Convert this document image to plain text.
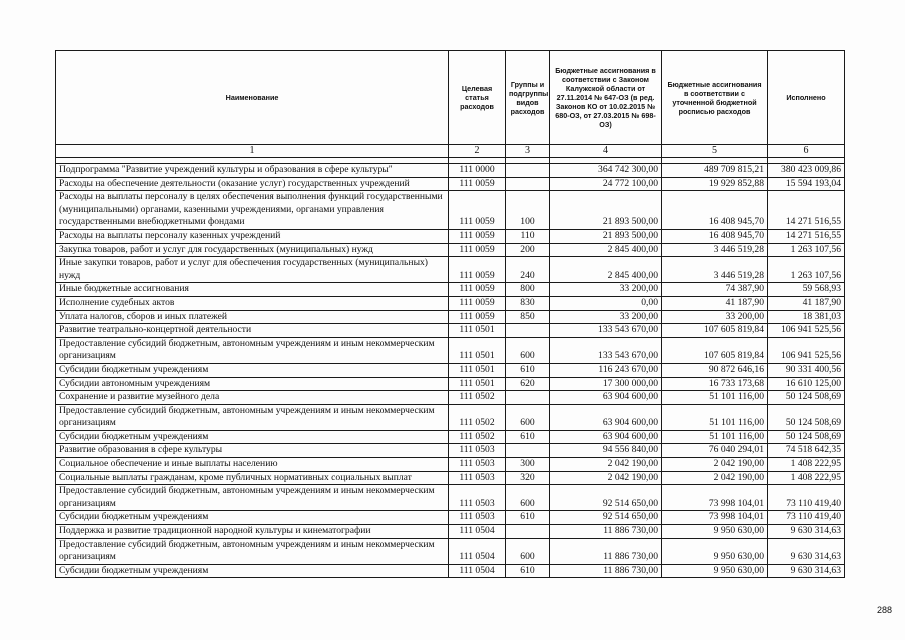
Наименование	Целевая статья расходов	Группы и подгруппы видов расходов	Бюджетные ассигнования в соответствии с Законом Калужской области от 27.11.2014 № 647-ОЗ (в ред. Законов КО от 10.02.2015 № 680-ОЗ, от 27.03.2015 № 698-ОЗ)	Бюджетные ассигнования в соответствии с уточненной бюджетной росписью расходов	Исполнено
1	2	3	4	5	6

Подпрограмма "Развитие учреждений культуры и образования в сфере культуры"	111 0000		364 742 300,00	489 709 815,21	380 423 009,86
Расходы на обеспечение деятельности (оказание услуг) государственных учреждений	111 0059		24 772 100,00	19 929 852,88	15 594 193,04
Расходы на выплаты персоналу в целях обеспечения выполнения функций государственными (муниципальными) органами, казенными учреждениями, органами управления государственными внебюджетными фондами	111 0059	100	21 893 500,00	16 408 945,70	14 271 516,55
Расходы на выплаты персоналу казенных учреждений	111 0059	110	21 893 500,00	16 408 945,70	14 271 516,55
Закупка товаров, работ и услуг для государственных (муниципальных) нужд	111 0059	200	2 845 400,00	3 446 519,28	1 263 107,56
Иные закупки товаров, работ и услуг для обеспечения государственных (муниципальных) нужд	111 0059	240	2 845 400,00	3 446 519,28	1 263 107,56
Иные бюджетные ассигнования	111 0059	800	33 200,00	74 387,90	59 568,93
Исполнение судебных актов	111 0059	830	0,00	41 187,90	41 187,90
Уплата налогов, сборов и иных платежей	111 0059	850	33 200,00	33 200,00	18 381,03
Развитие театрально-концертной деятельности	111 0501		133 543 670,00	107 605 819,84	106 941 525,56
Предоставление субсидий бюджетным, автономным учреждениям и иным некоммерческим организациям	111 0501	600	133 543 670,00	107 605 819,84	106 941 525,56
Субсидии бюджетным учреждениям	111 0501	610	116 243 670,00	90 872 646,16	90 331 400,56
Субсидии автономным учреждениям	111 0501	620	17 300 000,00	16 733 173,68	16 610 125,00
Сохранение и развитие музейного дела	111 0502		63 904 600,00	51 101 116,00	50 124 508,69
Предоставление субсидий бюджетным, автономным учреждениям и иным некоммерческим организациям	111 0502	600	63 904 600,00	51 101 116,00	50 124 508,69
Субсидии бюджетным учреждениям	111 0502	610	63 904 600,00	51 101 116,00	50 124 508,69
Развитие образования в сфере культуры	111 0503		94 556 840,00	76 040 294,01	74 518 642,35
Социальное обеспечение и иные выплаты населению	111 0503	300	2 042 190,00	2 042 190,00	1 408 222,95
Социальные выплаты гражданам, кроме публичных нормативных социальных выплат	111 0503	320	2 042 190,00	2 042 190,00	1 408 222,95
Предоставление субсидий бюджетным, автономным учреждениям и иным некоммерческим организациям	111 0503	600	92 514 650,00	73 998 104,01	73 110 419,40
Субсидии бюджетным учреждениям	111 0503	610	92 514 650,00	73 998 104,01	73 110 419,40
Поддержка и развитие традиционной народной культуры и кинематографии	111 0504		11 886 730,00	9 950 630,00	9 630 314,63
Предоставление субсидий бюджетным, автономным учреждениям и иным некоммерческим организациям	111 0504	600	11 886 730,00	9 950 630,00	9 630 314,63
Субсидии бюджетным учреждениям	111 0504	610	11 886 730,00	9 950 630,00	9 630 314,63
288
